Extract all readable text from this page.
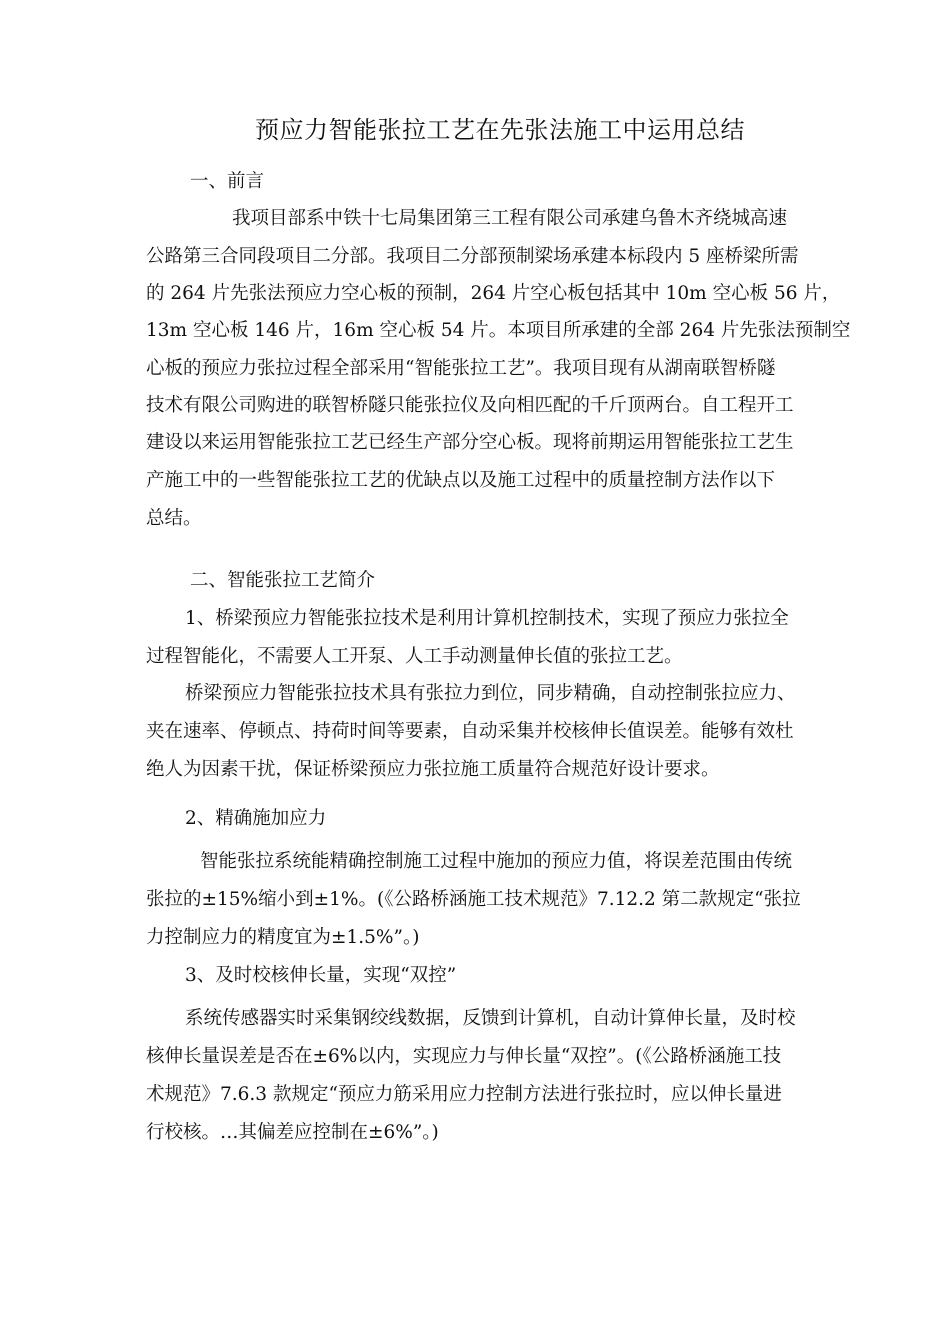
预应力智能张拉工艺在先张法施工中运用总结
一、前言
我项目部系中铁十七局集团第三工程有限公司承建乌鲁木齐绕城高速
公路第三合同段项目二分部。我项目二分部预制梁场承建本标段内 5 座桥梁所需
的 264 片先张法预应力空心板的预制，264 片空心板包括其中 10m 空心板 56 片，
13m 空心板 146 片，16m 空心板 54 片。本项目所承建的全部 264 片先张法预制空
心板的预应力张拉过程全部采用“智能张拉工艺”。我项目现有从湖南联智桥隧
技术有限公司购进的联智桥隧只能张拉仪及向相匹配的千斤顶两台。自工程开工
建设以来运用智能张拉工艺已经生产部分空心板。现将前期运用智能张拉工艺生
产施工中的一些智能张拉工艺的优缺点以及施工过程中的质量控制方法作以下
总结。
二、智能张拉工艺简介
1、桥梁预应力智能张拉技术是利用计算机控制技术，实现了预应力张拉全
过程智能化，不需要人工开泵、人工手动测量伸长值的张拉工艺。
桥梁预应力智能张拉技术具有张拉力到位，同步精确，自动控制张拉应力、
夹在速率、停顿点、持荷时间等要素，自动采集并校核伸长值误差。能够有效杜
绝人为因素干扰，保证桥梁预应力张拉施工质量符合规范好设计要求。
2、精确施加应力
智能张拉系统能精确控制施工过程中施加的预应力值，将误差范围由传统
张拉的±15%缩小到±1%。(《公路桥涵施工技术规范》7.12.2 第二款规定“张拉
力控制应力的精度宜为±1.5%”。)
3、及时校核伸长量，实现“双控”
系统传感器实时采集钢绞线数据，反馈到计算机，自动计算伸长量，及时校
核伸长量误差是否在±6%以内，实现应力与伸长量“双控”。(《公路桥涵施工技
术规范》7.6.3 款规定“预应力筋采用应力控制方法进行张拉时，应以伸长量进
行校核。…其偏差应控制在±6%”。)
